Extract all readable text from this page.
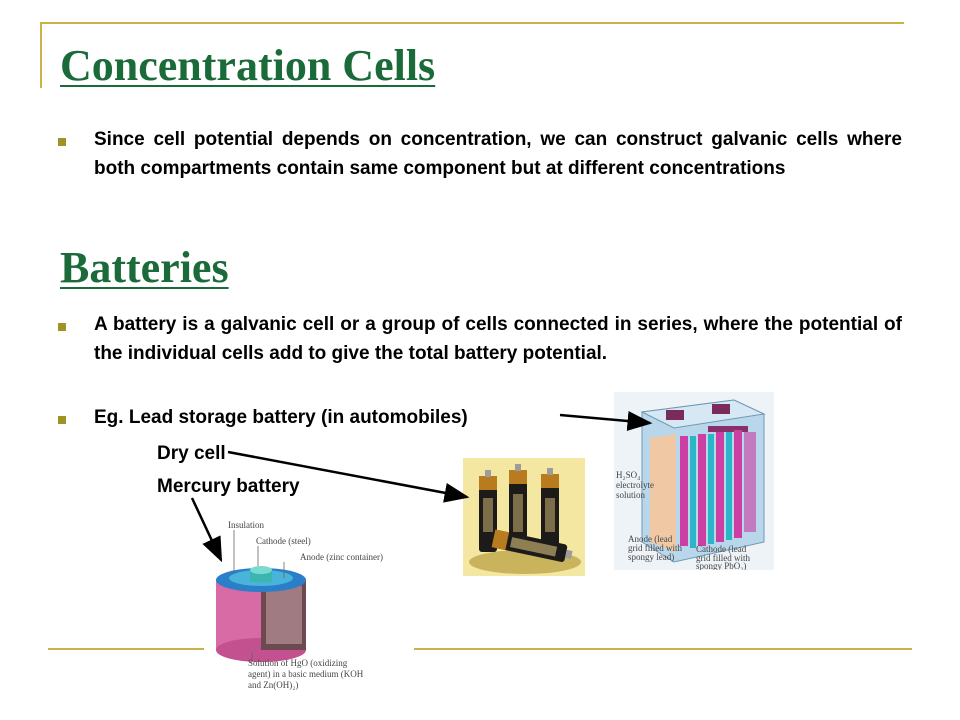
Concentration Cells
Since cell potential depends on concentration, we can construct galvanic cells where both compartments contain same component but at different concentrations
Batteries
A battery is a galvanic cell or a group of cells connected in series, where the potential of the individual cells add to give the total battery potential.
Eg. Lead storage battery (in automobiles)
Dry cell
Mercury battery
H₂SO₄
electrolyte
solution
Anode (lead
grid filled with
spongy lead)
Cathode (lead
grid filled with
spongy PbO₂)
Insulation
Cathode (steel)
Anode (zinc container)
Solution of HgO (oxidizing
agent) in a basic medium (KOH
and Zn(OH)₂)
